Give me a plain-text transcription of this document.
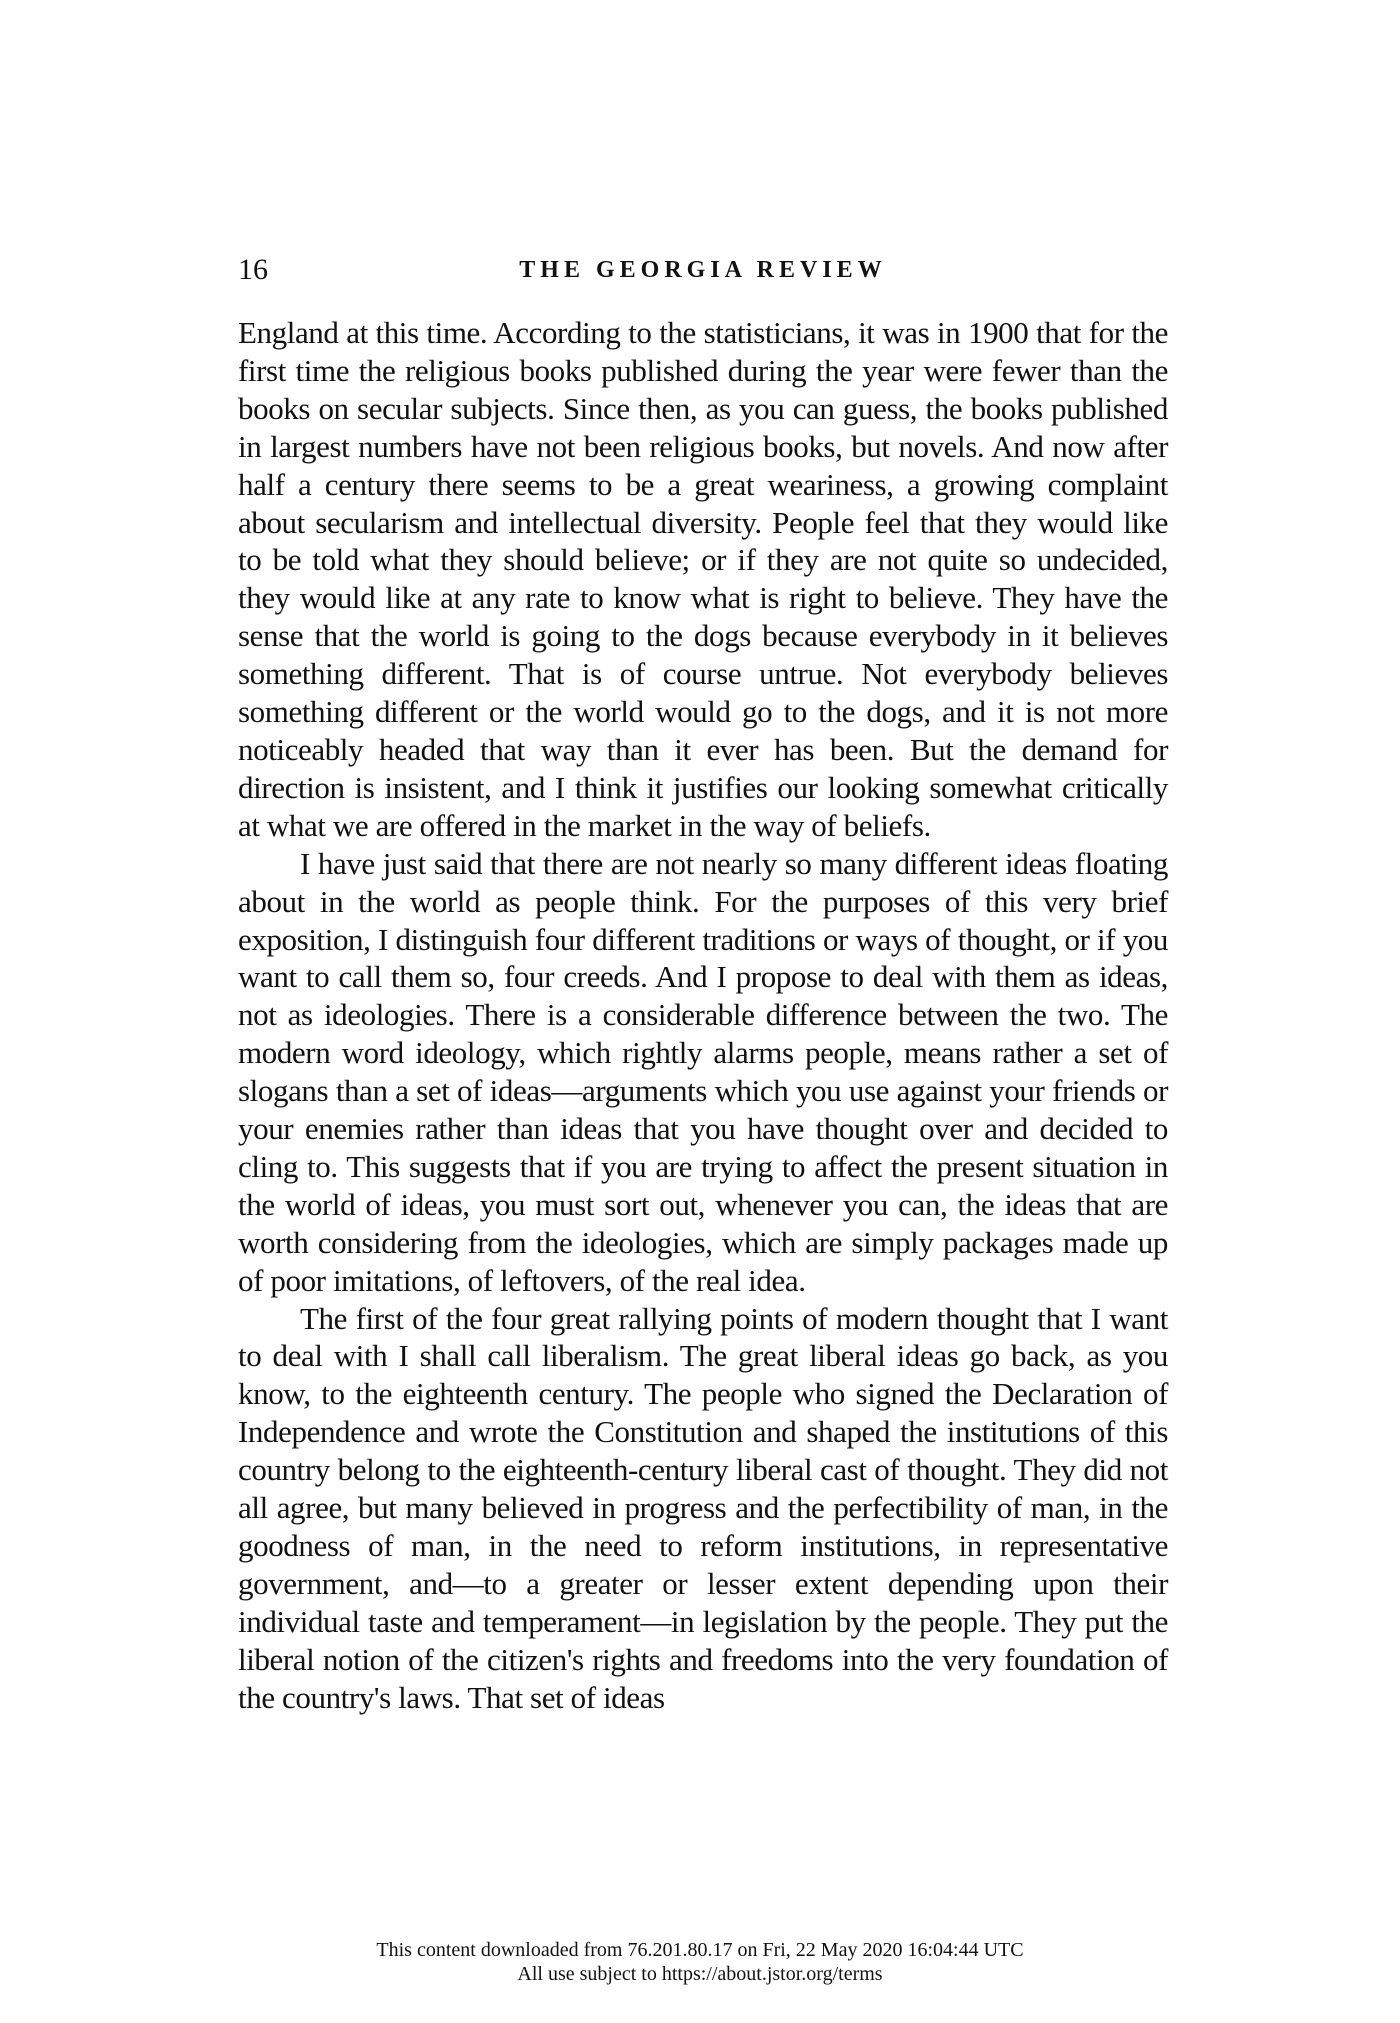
16	THE GEORGIA REVIEW

England at this time. According to the statisticians, it was in 1900 that for the first time the religious books published during the year were fewer than the books on secular subjects. Since then, as you can guess, the books published in largest numbers have not been religious books, but novels. And now after half a century there seems to be a great weariness, a growing complaint about secularism and intellectual diversity. People feel that they would like to be told what they should believe; or if they are not quite so undecided, they would like at any rate to know what is right to believe. They have the sense that the world is going to the dogs because everybody in it believes something different. That is of course untrue. Not everybody believes something different or the world would go to the dogs, and it is not more noticeably headed that way than it ever has been. But the demand for direction is insistent, and I think it justifies our looking somewhat critically at what we are offered in the market in the way of beliefs.

I have just said that there are not nearly so many different ideas floating about in the world as people think. For the purposes of this very brief exposition, I distinguish four different traditions or ways of thought, or if you want to call them so, four creeds. And I propose to deal with them as ideas, not as ideologies. There is a considerable difference between the two. The modern word ideology, which rightly alarms people, means rather a set of slogans than a set of ideas—arguments which you use against your friends or your enemies rather than ideas that you have thought over and decided to cling to. This suggests that if you are trying to affect the present situation in the world of ideas, you must sort out, whenever you can, the ideas that are worth considering from the ideologies, which are simply packages made up of poor imitations, of leftovers, of the real idea.

The first of the four great rallying points of modern thought that I want to deal with I shall call liberalism. The great liberal ideas go back, as you know, to the eighteenth century. The people who signed the Declaration of Independence and wrote the Constitution and shaped the institutions of this country belong to the eighteenth-century liberal cast of thought. They did not all agree, but many believed in progress and the perfectibility of man, in the goodness of man, in the need to reform institutions, in representative government, and—to a greater or lesser extent depending upon their individual taste and temperament—in legislation by the people. They put the liberal notion of the citizen's rights and freedoms into the very foundation of the country's laws. That set of ideas

This content downloaded from 76.201.80.17 on Fri, 22 May 2020 16:04:44 UTC
All use subject to https://about.jstor.org/terms
